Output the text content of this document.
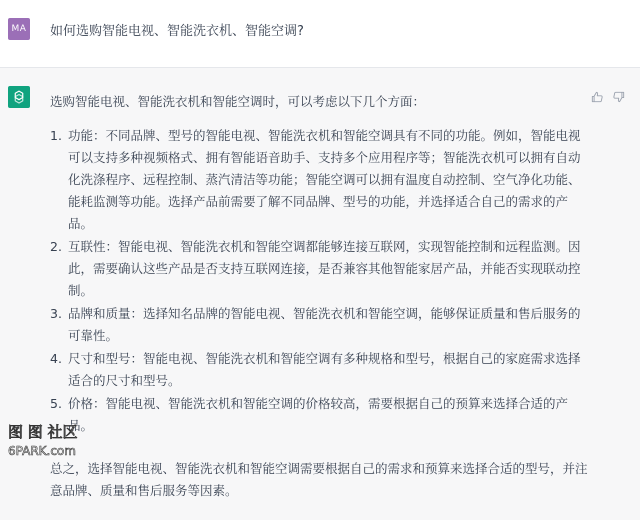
MA 如何选购智能电视、智能洗衣机、智能空调?
选购智能电视、智能洗衣机和智能空调时，可以考虑以下几个方面：
1. 功能：不同品牌、型号的智能电视、智能洗衣机和智能空调具有不同的功能。例如，智能电视可以支持多种视频格式、拥有智能语音助手、支持多个应用程序等；智能洗衣机可以拥有自动化洗涤程序、远程控制、蒸汽清洁等功能；智能空调可以拥有温度自动控制、空气净化功能、能耗监测等功能。选择产品前需要了解不同品牌、型号的功能，并选择适合自己的需求的产品。
2. 互联性：智能电视、智能洗衣机和智能空调都能够连接互联网，实现智能控制和远程监测。因此，需要确认这些产品是否支持互联网连接，是否兼容其他智能家居产品，并能否实现联动控制。
3. 品牌和质量：选择知名品牌的智能电视、智能洗衣机和智能空调，能够保证质量和售后服务的可靠性。
4. 尺寸和型号：智能电视、智能洗衣机和智能空调有多种规格和型号，根据自己的家庭需求选择适合的尺寸和型号。
5. 价格：智能电视、智能洗衣机和智能空调的价格较高，需要根据自己的预算来选择合适的产品。
总之，选择智能电视、智能洗衣机和智能空调需要根据自己的需求和预算来选择合适的型号，并注意品牌、质量和售后服务等因素。
图 图 社区
6PARK.com
